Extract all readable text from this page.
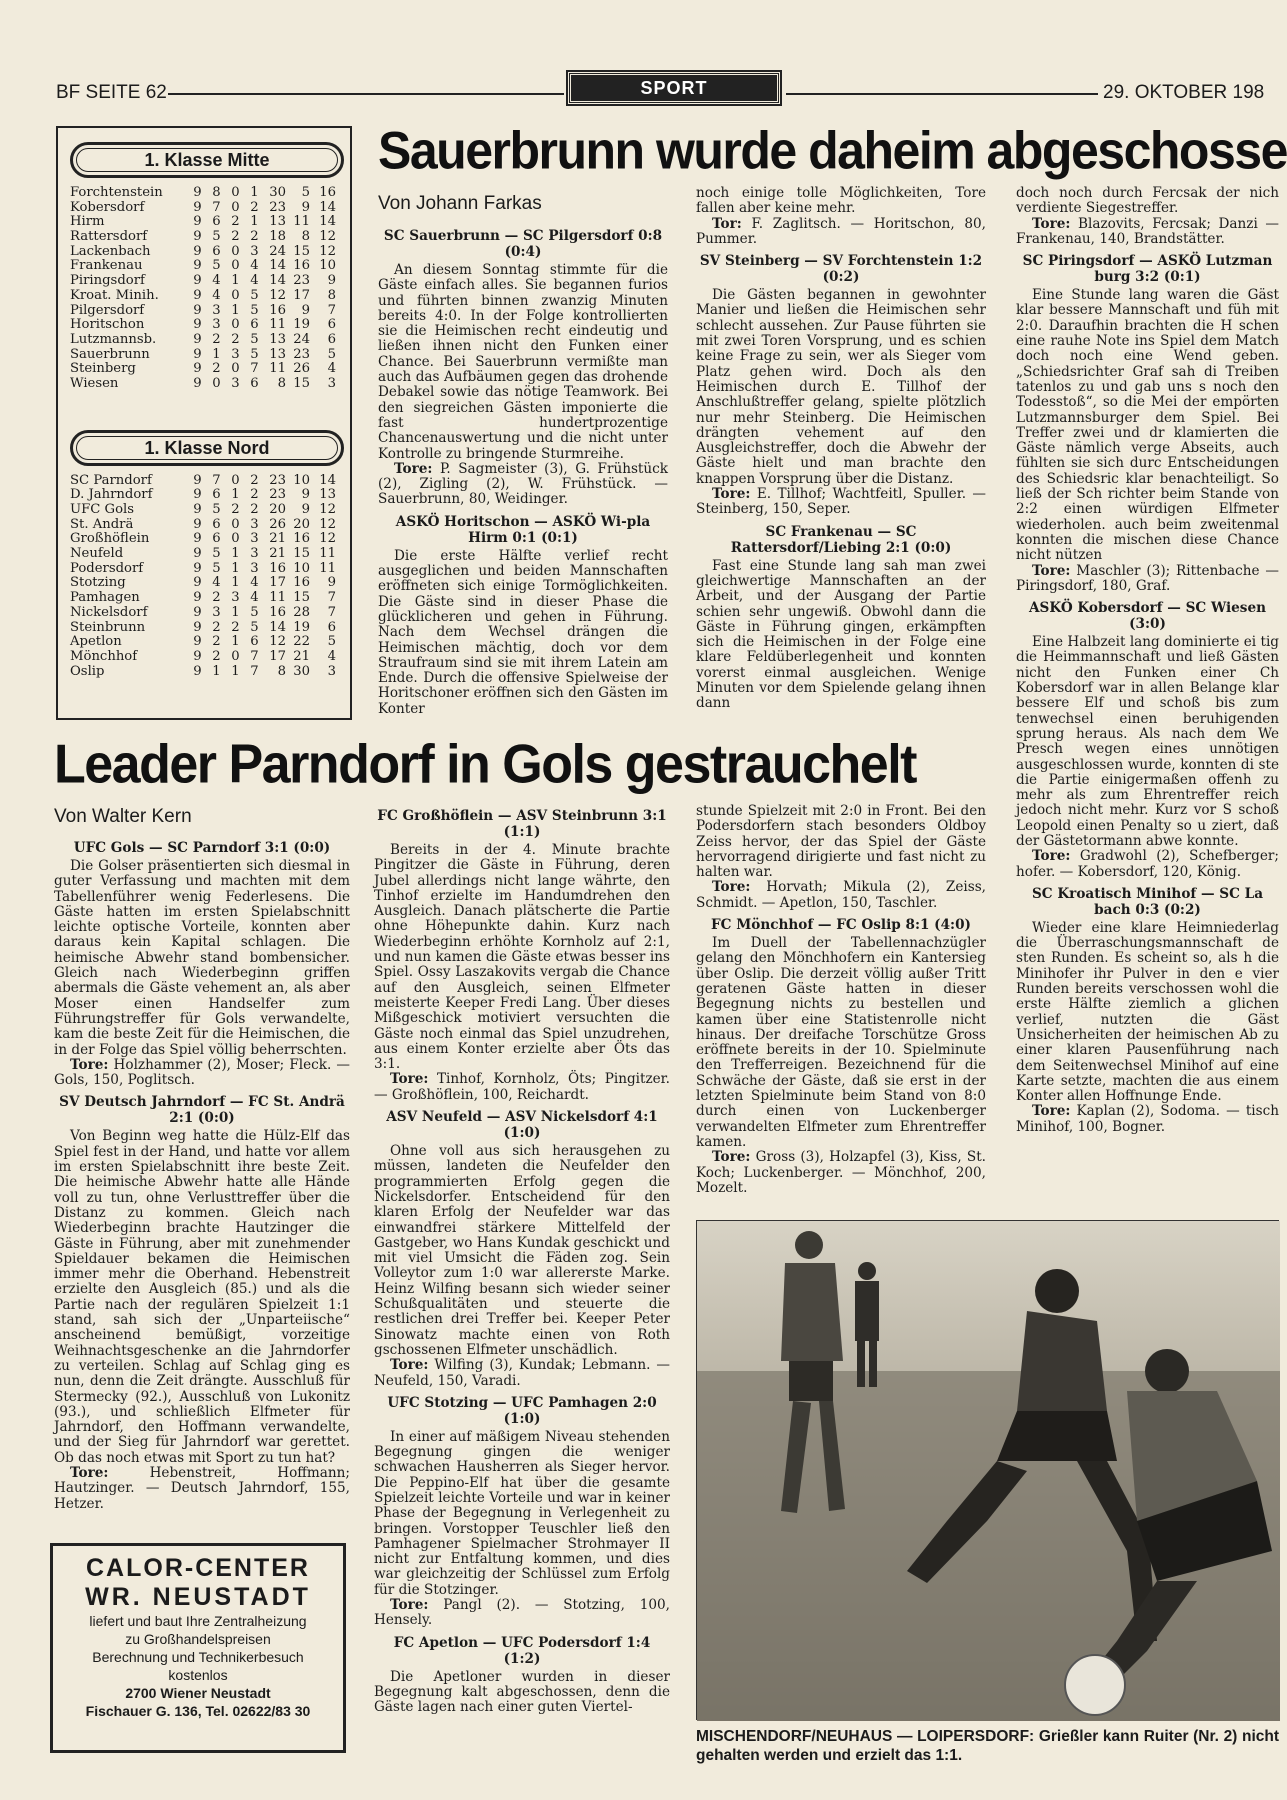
BF SEITE 62	SPORT	29. OKTOBER 198
1. Klasse Mitte
Forchtenstein	9 8 0 1 30	5 16
Kobersdorf	9 7 0 2 23	9 14
Hirm	9 6 2 1 13 11 14
Rattersdorf	9 5 2 2 18	8 12
Lackenbach	9 6 0 3 24 15 12
Frankenau	9 5 0 4 14 16 10
Piringsdorf	9 4 1 4 14 23	9
Kroat. Minih.	9 4 0 5 12 17	8
Pilgersdorf	9 3 1 5 16	9	7
Horitschon	9 3 0 6 11 19	6
Lutzmannsb.	9 2 2 5 13 24	6
Sauerbrunn	9 1 3 5 13 23	5
Steinberg	9 2 0 7 11 26	4
Wiesen	9 0 3 6	8 15	3
1. Klasse Nord
SC Parndorf	9 7 0 2 23 10 14
D. Jahrndorf	9 6 1 2 23	9 13
UFC Gols	9 5 2 2 20	9 12
St. Andrä	9 6 0 3 26 20 12
Großhöflein	9 6 0 3 21 16 12
Neufeld	9 5 1 3 21 15 11
Podersdorf	9 5 1 3 16 10 11
Stotzing	9 4 1 4 17 16	9
Pamhagen	9 2 3 4 11 15	7
Nickelsdorf	9 3 1 5 16 28	7
Steinbrunn	9 2 2 5 14 19	6
Apetlon	9 2 1 6 12 22	5
Mönchhof	9 2 0 7 17 21	4
Oslip	9 1 1 7	8 30	3
Sauerbrunn wurde daheim abgeschosse
Von Johann Farkas
SC Sauerbrunn — SC Pilgersdorf 0:8 (0:4)

An diesem Sonntag stimmte für die Gäste einfach alles. Sie begannen furios und führten binnen zwanzig Minuten bereits 4:0. In der Folge kontrollierten sie die Heimischen recht eindeutig und ließen ihnen nicht den Funken einer Chance. Bei Sauerbrunn vermißte man auch das Aufbäumen gegen das drohende Debakel sowie das nötige Teamwork. Bei den siegreichen Gästen imponierte die fast hundertprozentige Chancenauswertung und die nicht unter Kontrolle zu bringende Sturmreihe.

Tore: P. Sagmeister (3), G. Frühstück (2), Zigling (2), W. Frühstück. — Sauerbrunn, 80, Weidinger.

ASKÖ Horitschon — ASKÖ Wi-pla Hirm 0:1 (0:1)

Die erste Hälfte verlief recht ausgeglichen und beiden Mannschaften eröffneten sich einige Tormöglichkeiten. Die Gäste sind in dieser Phase die glücklicheren und gehen in Führung. Nach dem Wechsel drängen die Heimischen mächtig, doch vor dem Straufraum sind sie mit ihrem Latein am Ende. Durch die offensive Spielweise der Horitschoner eröffnen sich den Gästen im Konter

noch einige tolle Möglichkeiten, Tore fallen aber keine mehr.

Tor: F. Zaglitsch. — Horitschon, 80, Pummer.

SV Steinberg — SV Forchtenstein 1:2 (0:2)

Die Gästen begannen in gewohnter Manier und ließen die Heimischen sehr schlecht aussehen. Zur Pause führten sie mit zwei Toren Vorsprung, und es schien keine Frage zu sein, wer als Sieger vom Platz gehen wird. Doch als den Heimischen durch E. Tillhof der Anschlußtreffer gelang, spielte plötzlich nur mehr Steinberg. Die Heimischen drängten vehement auf den Ausgleichstreffer, doch die Abwehr der Gäste hielt und man brachte den knappen Vorsprung über die Distanz.

Tore: E. Tillhof; Wachtfeitl, Spuller. — Steinberg, 150, Seper.

SC Frankenau — SC Rattersdorf/Liebing 2:1 (0:0)

Fast eine Stunde lang sah man zwei gleichwertige Mannschaften an der Arbeit, und der Ausgang der Partie schien sehr ungewiß. Obwohl dann die Gäste in Führung gingen, erkämpften sich die Heimischen in der Folge eine klare Feldüberlegenheit und konnten vorerst einmal ausgleichen. Wenige Minuten vor dem Spielende gelang ihnen dann

doch noch durch Fercsak der nich verdiente Siegestreffer.

Tore: Blazovits, Fercsak; Danzi — Frankenau, 140, Brandstätter.

SC Piringsdorf — ASKÖ Lutzman burg 3:2 (0:1)

Eine Stunde lang waren die Gäst klar bessere Mannschaft und füh mit 2:0. Daraufhin brachten die H schen eine rauhe Note ins Spiel dem Match doch noch eine Wend geben. „Schiedsrichter Graf sah di Treiben tatenlos zu und gab uns s noch den Todesstoß“, so die Mei der empörten Lutzmannsburger dem Spiel. Bei Treffer zwei und dr klamierten die Gäste nämlich verge Abseits, auch fühlten sie sich durc Entscheidungen des Schiedsric klar benachteiligt. So ließ der Sch richter beim Stande von 2:2 einen würdigen Elfmeter wiederholen. auch beim zweitenmal konnten die mischen diese Chance nicht nützen

Tore: Maschler (3); Rittenbache — Piringsdorf, 180, Graf.

ASKÖ Kobersdorf — SC Wiesen (3:0)

Eine Halbzeit lang dominierte ei tig die Heimmannschaft und ließ Gästen nicht den Funken einer Ch Kobersdorf war in allen Belange klar bessere Elf und schoß bis zum tenwechsel einen beruhigenden sprung heraus. Als nach dem We Presch wegen eines unnötigen ausgeschlossen wurde, konnten di ste die Partie einigermaßen offenh zu mehr als zum Ehrentreffer reich jedoch nicht mehr. Kurz vor S schoß Leopold einen Penalty so u ziert, daß der Gästetormann abwe konnte.

Tore: Gradwohl (2), Schefberger; hofer. — Kobersdorf, 120, König.

SC Kroatisch Minihof — SC La bach 0:3 (0:2)

Wieder eine klare Heimniederlag die Überraschungsmannschaft de sten Runden. Es scheint so, als h die Minihofer ihr Pulver in den e vier Runden bereits verschossen wohl die erste Hälfte ziemlich a glichen verlief, nutzten die Gäst Unsicherheiten der heimischen Ab zu einer klaren Pausenführung nach dem Seitenwechsel Minihof auf eine Karte setzte, machten die aus einem Konter allen Hoffnunge Ende.

Tore: Kaplan (2), Sodoma. — tisch Minihof, 100, Bogner.

Leader Parndorf in Gols gestrauchelt
Von Walter Kern
UFC Gols — SC Parndorf 3:1 (0:0)

Die Golser präsentierten sich diesmal in guter Verfassung und machten mit dem Tabellenführer wenig Federlesens. Die Gäste hatten im ersten Spielabschnitt leichte optische Vorteile, konnten aber daraus kein Kapital schlagen. Die heimische Abwehr stand bombensicher. Gleich nach Wiederbeginn griffen abermals die Gäste vehement an, als aber Moser einen Handselfer zum Führungstreffer für Gols verwandelte, kam die beste Zeit für die Heimischen, die in der Folge das Spiel völlig beherrschten.

Tore: Holzhammer (2), Moser; Fleck. — Gols, 150, Poglitsch.

SV Deutsch Jahrndorf — FC St. Andrä 2:1 (0:0)

Von Beginn weg hatte die Hülz-Elf das Spiel fest in der Hand, und hatte vor allem im ersten Spielabschnitt ihre beste Zeit. Die heimische Abwehr hatte alle Hände voll zu tun, ohne Verlusttreffer über die Distanz zu kommen. Gleich nach Wiederbeginn brachte Hautzinger die Gäste in Führung, aber mit zunehmender Spieldauer bekamen die Heimischen immer mehr die Oberhand. Hebenstreit erzielte den Ausgleich (85.) und als die Partie nach der regulären Spielzeit 1:1 stand, sah sich der „Unparteiische“ anscheinend bemüßigt, vorzeitige Weihnachtsgeschenke an die Jahrndorfer zu verteilen. Schlag auf Schlag ging es nun, denn die Zeit drängte. Ausschluß für Stermecky (92.), Ausschluß von Lukonitz (93.), und schließlich Elfmeter für Jahrndorf, den Hoffmann verwandelte, und der Sieg für Jahrndorf war gerettet. Ob das noch etwas mit Sport zu tun hat?

Tore:	Hebenstreit, Hoffmann; Hautzinger. — Deutsch Jahrndorf, 155, Hetzer.

FC Großhöflein — ASV Steinbrunn 3:1 (1:1)

Bereits in der 4. Minute brachte Pingitzer die Gäste in Führung, deren Jubel allerdings nicht lange währte, den Tinhof erzielte im Handumdrehen den Ausgleich. Danach plätscherte die Partie ohne Höhepunkte dahin. Kurz nach Wiederbeginn erhöhte Kornholz auf 2:1, und nun kamen die Gäste etwas besser ins Spiel. Ossy Laszakovits vergab die Chance auf den Ausgleich, seinen Elfmeter meisterte Keeper Fredi Lang. Über dieses Mißgeschick motiviert versuchten die Gäste noch einmal das Spiel unzudrehen, aus einem Konter erzielte aber Öts das 3:1.

Tore: Tinhof, Kornholz, Öts; Pingitzer. — Großhöflein, 100, Reichardt.

ASV Neufeld — ASV Nickelsdorf 4:1 (1:0)

Ohne voll aus sich herausgehen zu müssen, landeten die Neufelder den programmierten Erfolg gegen die Nickelsdorfer. Entscheidend für den klaren Erfolg der Neufelder war das einwandfrei stärkere Mittelfeld der Gastgeber, wo Hans Kundak geschickt und mit viel Umsicht die Fäden zog. Sein Volleytor zum 1:0 war allererste Marke. Heinz Wilfing besann sich wieder seiner Schußqualitäten und steuerte die restlichen drei Treffer bei. Keeper Peter Sinowatz machte einen von Roth gschossenen Elfmeter unschädlich.

Tore: Wilfing (3), Kundak; Lebmann. — Neufeld, 150, Varadi.

UFC Stotzing — UFC Pamhagen 2:0 (1:0)

In einer auf mäßigem Niveau stehenden Begegnung gingen die weniger schwachen Hausherren als Sieger hervor. Die Peppino-Elf hat über die gesamte Spielzeit leichte Vorteile und war in keiner Phase der Begegnung in Verlegenheit zu bringen. Vorstopper Teuschler ließ den Pamhagener Spielmacher Strohmayer II nicht zur Entfaltung kommen, und dies war gleichzeitig der Schlüssel zum Erfolg für die Stotzinger.

Tore: Pangl (2). — Stotzing, 100, Hensely.

FC Apetlon — UFC Podersdorf 1:4 (1:2)

Die Apetloner wurden in dieser Begegnung kalt abgeschossen, denn die Gäste lagen nach einer guten Viertel-

stunde Spielzeit mit 2:0 in Front. Bei den Podersdorfern stach besonders Oldboy Zeiss hervor, der das Spiel der Gäste hervorragend dirigierte und fast nicht zu halten war.

Tore: Horvath; Mikula (2), Zeiss, Schmidt. — Apetlon, 150, Taschler.

FC Mönchhof — FC Oslip 8:1 (4:0)

Im Duell der Tabellennachzügler gelang den Mönchhofern ein Kantersieg über Oslip. Die derzeit völlig außer Tritt geratenen Gäste hatten in dieser Begegnung nichts zu bestellen und kamen über eine Statistenrolle nicht hinaus. Der dreifache Torschütze Gross eröffnete bereits in der 10. Spielminute den Trefferreigen. Bezeichnend für die Schwäche der Gäste, daß sie erst in der letzten Spielminute beim Stand von 8:0 durch einen von Luckenberger verwandelten Elfmeter zum Ehrentreffer kamen.

Tore: Gross (3), Holzapfel (3), Kiss, St. Koch; Luckenberger. — Mönchhof, 200, Mozelt.

CALOR-CENTER
WR. NEUSTADT
liefert und baut Ihre Zentralheizung
zu Großhandelspreisen
Berechnung und Technikerbesuch
kostenlos
2700 Wiener Neustadt
Fischauer G. 136, Tel. 02622/83 30
MISCHENDORF/NEUHAUS — LOIPERSDORF: Grießler kann Ruiter (Nr. 2) nicht gehalten werden und erzielt das 1:1.
